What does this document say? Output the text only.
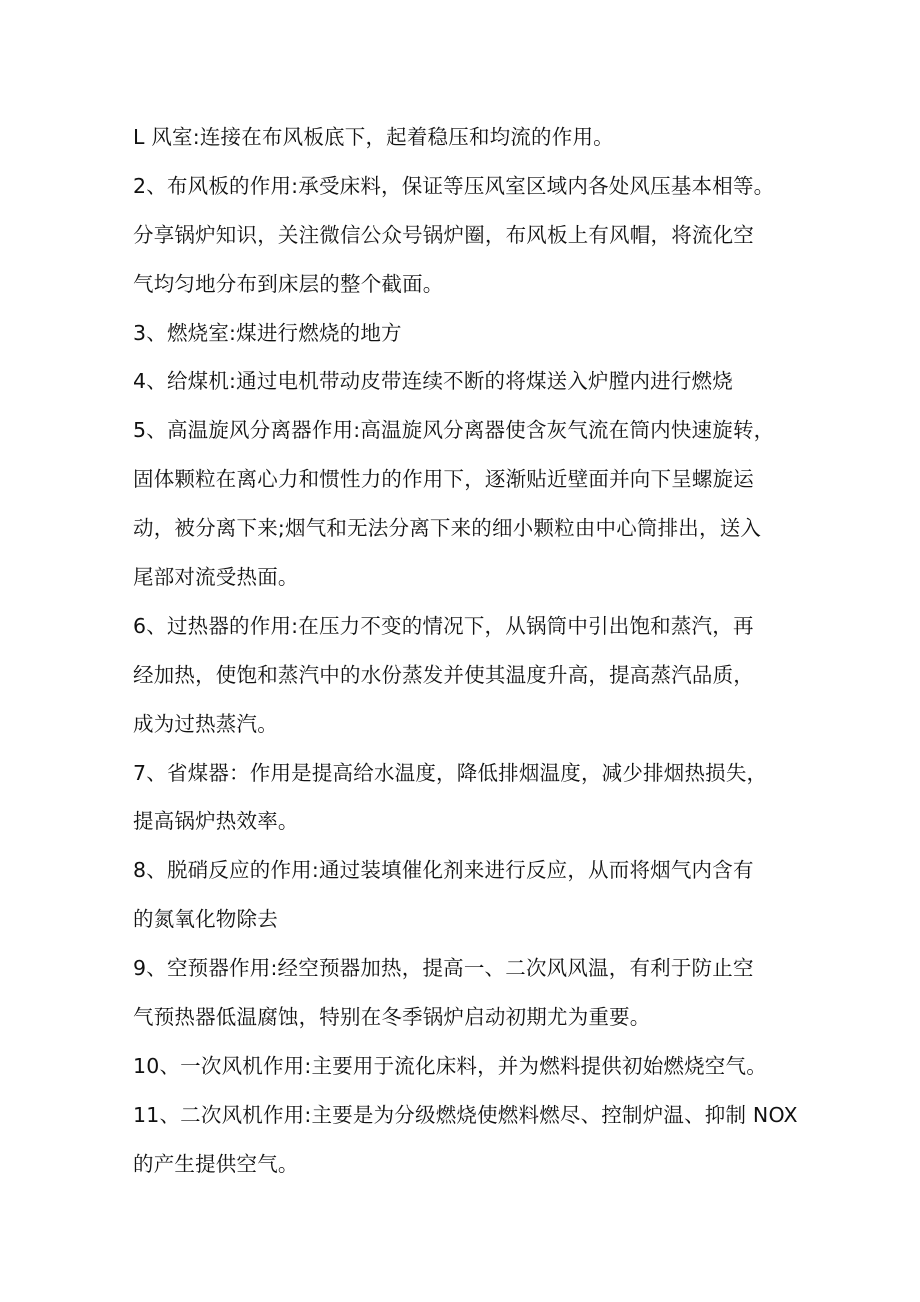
L 风室:连接在布风板底下，起着稳压和均流的作用。
2、布风板的作用:承受床料，保证等压风室区域内各处风压基本相等。
分享锅炉知识，关注微信公众号锅炉圈，布风板上有风帽，将流化空
气均匀地分布到床层的整个截面。
3、燃烧室:煤进行燃烧的地方
4、给煤机:通过电机带动皮带连续不断的将煤送入炉膛内进行燃烧
5、高温旋风分离器作用:高温旋风分离器使含灰气流在筒内快速旋转，
固体颗粒在离心力和惯性力的作用下，逐渐贴近壁面并向下呈螺旋运
动，被分离下来;烟气和无法分离下来的细小颗粒由中心筒排出，送入
尾部对流受热面。
6、过热器的作用:在压力不变的情况下，从锅筒中引出饱和蒸汽，再
经加热，使饱和蒸汽中的水份蒸发并使其温度升高，提高蒸汽品质，
成为过热蒸汽。
7、省煤器：作用是提高给水温度，降低排烟温度，减少排烟热损失，
提高锅炉热效率。
8、脱硝反应的作用:通过装填催化剂来进行反应，从而将烟气内含有
的氮氧化物除去
9、空预器作用:经空预器加热，提高一、二次风风温，有利于防止空
气预热器低温腐蚀，特别在冬季锅炉启动初期尤为重要。
10、一次风机作用:主要用于流化床料，并为燃料提供初始燃烧空气。
11、二次风机作用:主要是为分级燃烧使燃料燃尽、控制炉温、抑制 NOX
的产生提供空气。
